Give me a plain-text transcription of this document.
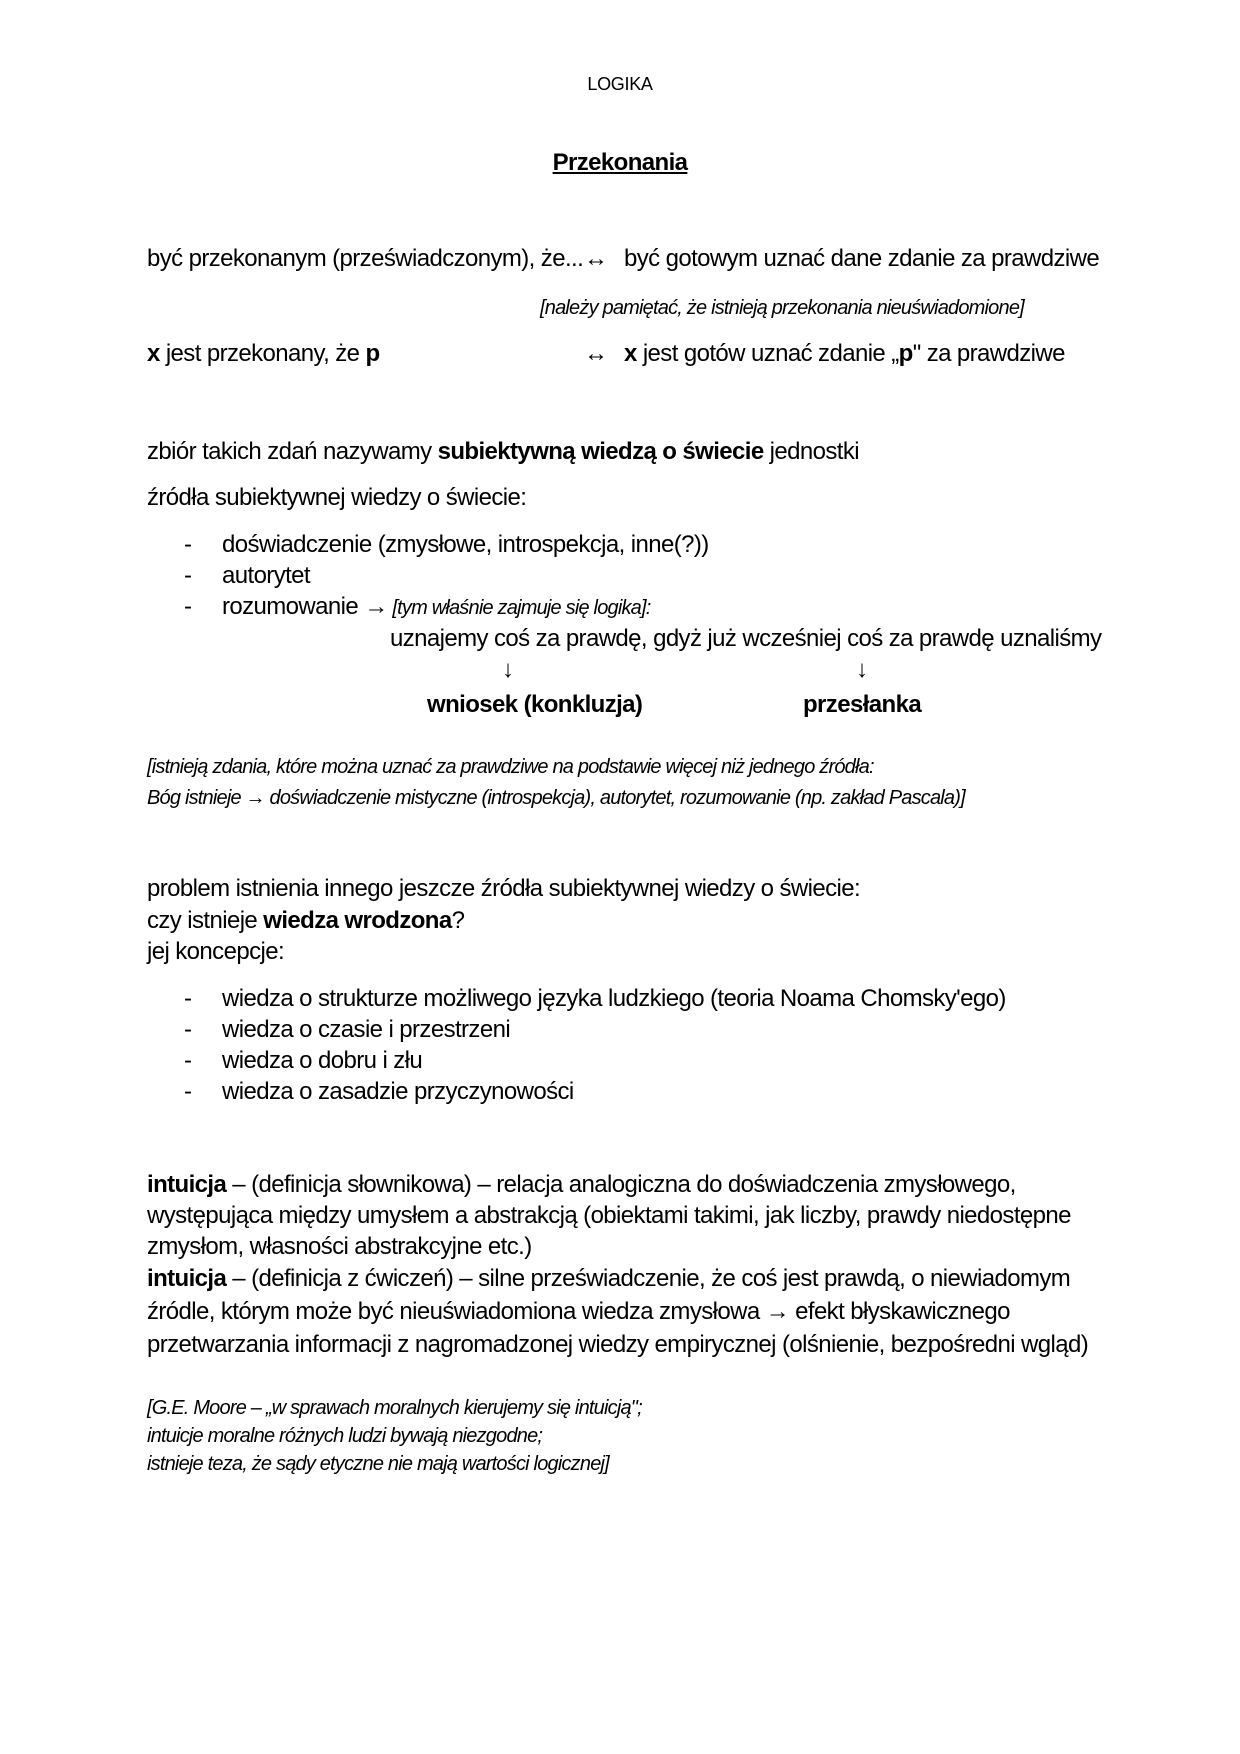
LOGIKA
Przekonania
być przekonanym (przeświadczonym), że... ↔ być gotowym uznać dane zdanie za prawdziwe
[należy pamiętać, że istnieją przekonania nieuświadomione]
x jest przekonany, że p	↔ x jest gotów uznać zdanie „p" za prawdziwe
zbiór takich zdań nazywamy subiektywną wiedzą o świecie jednostki
źródła subiektywnej wiedzy o świecie:
- doświadczenie (zmysłowe, introspekcja, inne(?))
- autorytet
- rozumowanie → [tym właśnie zajmuje się logika]:
uznajemy coś za prawdę, gdyż już wcześniej coś za prawdę uznaliśmy
↓	↓
wniosek (konkluzja)	przesłanka
[istnieją zdania, które można uznać za prawdziwe na podstawie więcej niż jednego źródła:
Bóg istnieje → doświadczenie mistyczne (introspekcja), autorytet, rozumowanie (np. zakład Pascala)]
problem istnienia innego jeszcze źródła subiektywnej wiedzy o świecie:
czy istnieje wiedza wrodzona?
jej koncepcje:
- wiedza o strukturze możliwego języka ludzkiego (teoria Noama Chomsky'ego)
- wiedza o czasie i przestrzeni
- wiedza o dobru i złu
- wiedza o zasadzie przyczynowości
intuicja – (definicja słownikowa) – relacja analogiczna do doświadczenia zmysłowego,
występująca między umysłem a abstrakcją (obiektami takimi, jak liczby, prawdy niedostępne
zmysłom, własności abstrakcyjne etc.)
intuicja – (definicja z ćwiczeń) – silne przeświadczenie, że coś jest prawdą, o niewiadomym
źródle, którym może być nieuświadomiona wiedza zmysłowa → efekt błyskawicznego
przetwarzania informacji z nagromadzonej wiedzy empirycznej (olśnienie, bezpośredni wgląd)
[G.E. Moore – „w sprawach moralnych kierujemy się intuicją";
intuicje moralne różnych ludzi bywają niezgodne;
istnieje teza, że sądy etyczne nie mają wartości logicznej]
